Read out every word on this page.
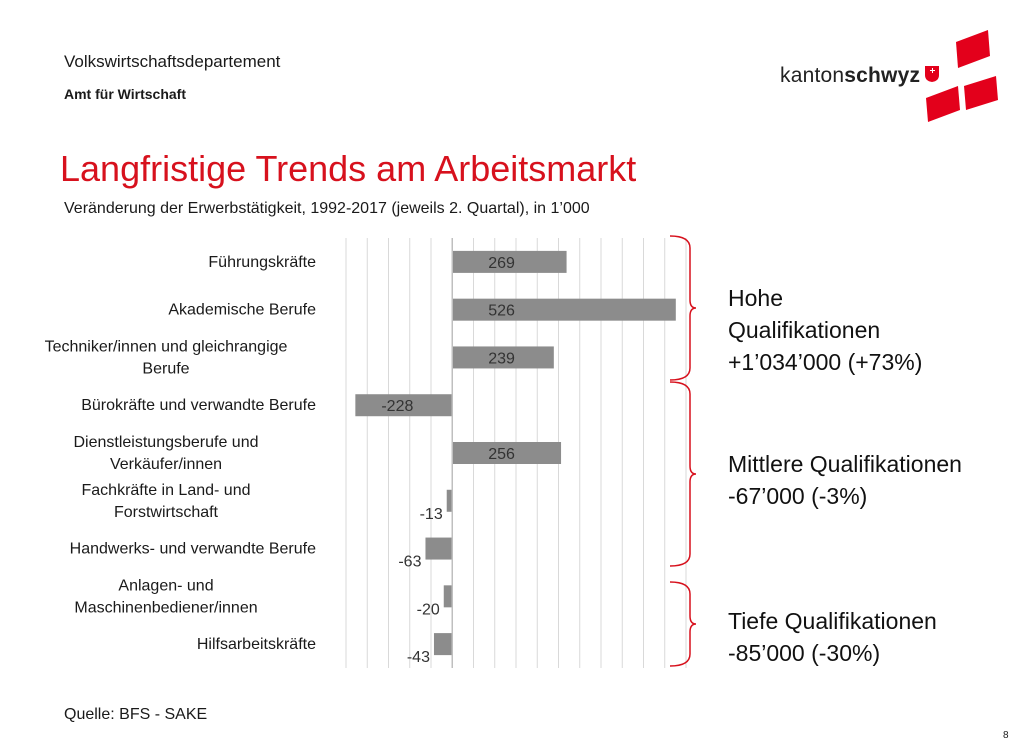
Volkswirtschaftsdepartement
Amt für Wirtschaft
kantonschwyz
Langfristige Trends am Arbeitsmarkt
Veränderung der Erwerbstätigkeit, 1992-2017 (jeweils 2. Quartal), in 1’000
269
Führungskräfte
526
Akademische Berufe
239
Techniker/innen und gleichrangige
Berufe
-228
Bürokräfte und verwandte Berufe
256
Dienstleistungsberufe und
Verkäufer/innen
-13
Fachkräfte in Land- und
Forstwirtschaft
-63
Handwerks- und verwandte Berufe
-20
Anlagen- und
Maschinenbediener/innen
-43
Hilfsarbeitskräfte
Hohe
Qualifikationen
+1’034’000 (+73%)
Mittlere Qualifikationen
-67’000 (-3%)
Tiefe Qualifikationen
-85’000 (-30%)
Quelle: BFS - SAKE
8
